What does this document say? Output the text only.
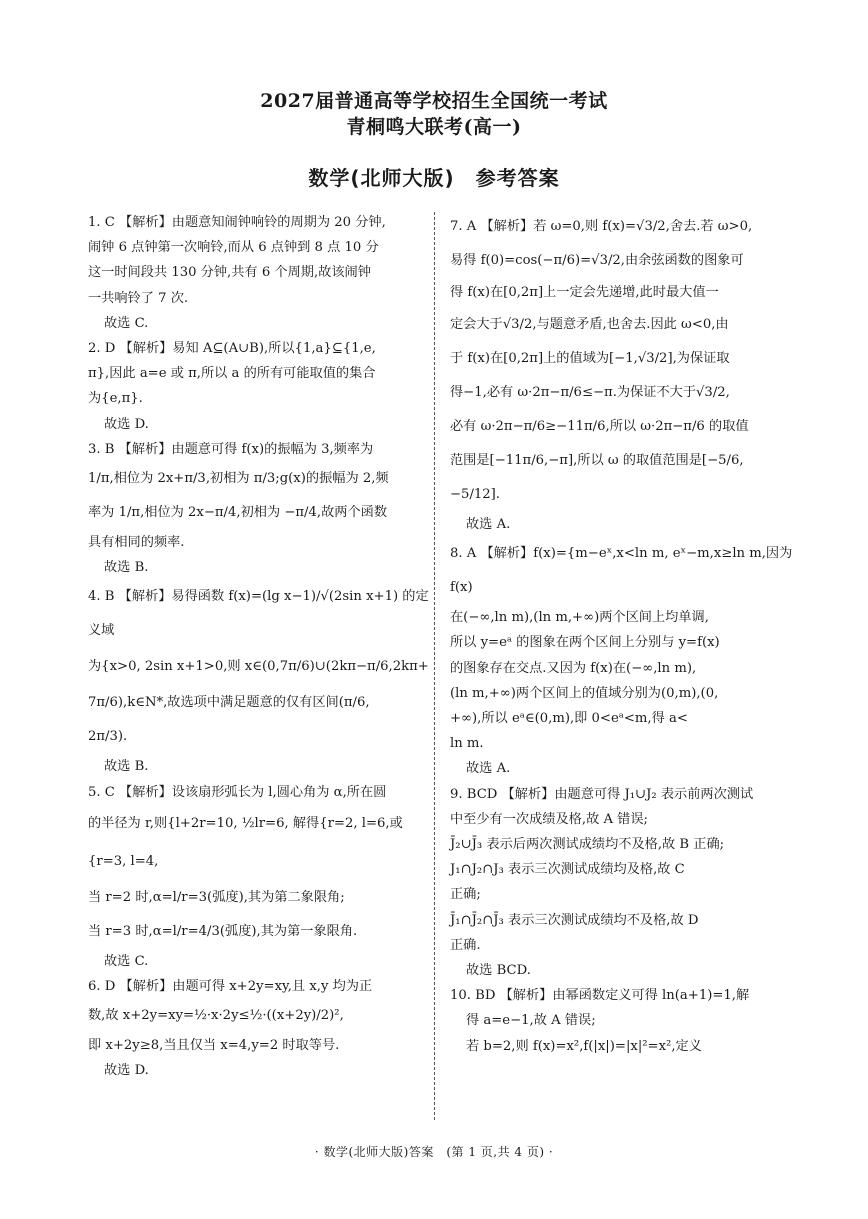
2027届普通高等学校招生全国统一考试
青桐鸣大联考(高一)
数学(北师大版)　参考答案
1. C 【解析】由题意知闹钟响铃的周期为 20 分钟,
闹钟 6 点钟第一次响铃,而从 6 点钟到 8 点 10 分
这一时间段共 130 分钟,共有 6 个周期,故该闹钟
一共响铃了 7 次.
故选 C.
2. D 【解析】易知 A⊆(A∪B),所以{1,a}⊆{1,e,
π},因此 a=e 或 π,所以 a 的所有可能取值的集合
为{e,π}.
故选 D.
3. B 【解析】由题意可得 f(x)的振幅为 3,频率为
1/π,相位为 2x+π/3,初相为 π/3;g(x)的振幅为 2,频
率为 1/π,相位为 2x−π/4,初相为 −π/4,故两个函数
具有相同的频率.
故选 B.
4. B 【解析】易得函数 f(x)=(lg x−1)/√(2sin x+1) 的定义域
为{x>0, 2sin x+1>0,则 x∈(0,7π/6)∪(2kπ−π/6,2kπ+
7π/6),k∈N*,故选项中满足题意的仅有区间(π/6,
2π/3).
故选 B.
5. C 【解析】设该扇形弧长为 l,圆心角为 α,所在圆
的半径为 r,则{l+2r=10, ½lr=6, 解得{r=2, l=6,或{r=3, l=4,
当 r=2 时,α=l/r=3(弧度),其为第二象限角;
当 r=3 时,α=l/r=4/3(弧度),其为第一象限角.
故选 C.
6. D 【解析】由题可得 x+2y=xy,且 x,y 均为正
数,故 x+2y=xy=½·x·2y≤½·((x+2y)/2)²,
即 x+2y≥8,当且仅当 x=4,y=2 时取等号.
故选 D.
7. A 【解析】若 ω=0,则 f(x)=√3/2,舍去.若 ω>0,
易得 f(0)=cos(−π/6)=√3/2,由余弦函数的图象可
得 f(x)在[0,2π]上一定会先递增,此时最大值一
定会大于√3/2,与题意矛盾,也舍去.因此 ω<0,由
于 f(x)在[0,2π]上的值域为[−1,√3/2],为保证取
得−1,必有 ω·2π−π/6≤−π.为保证不大于√3/2,
必有 ω·2π−π/6≥−11π/6,所以 ω·2π−π/6 的取值
范围是[−11π/6,−π],所以 ω 的取值范围是[−5/6,
−5/12].
故选 A.
8. A 【解析】f(x)={m−eˣ,x<ln m, eˣ−m,x≥ln m,因为 f(x)
在(−∞,ln m),(ln m,+∞)两个区间上均单调,
所以 y=eᵃ 的图象在两个区间上分别与 y=f(x)
的图象存在交点.又因为 f(x)在(−∞,ln m),
(ln m,+∞)两个区间上的值域分别为(0,m),(0,
+∞),所以 eᵃ∈(0,m),即 0<eᵃ<m,得 a<
ln m.
故选 A.
9. BCD 【解析】由题意可得 J₁∪J₂ 表示前两次测试
中至少有一次成绩及格,故 A 错误;
J̄₂∪J̄₃ 表示后两次测试成绩均不及格,故 B 正确;
J₁∩J₂∩J₃ 表示三次测试成绩均及格,故 C
正确;
J̄₁∩J̄₂∩J̄₃ 表示三次测试成绩均不及格,故 D
正确.
故选 BCD.
10. BD 【解析】由幂函数定义可得 ln(a+1)=1,解
得 a=e−1,故 A 错误;
若 b=2,则 f(x)=x²,f(|x|)=|x|²=x²,定义
· 数学(北师大版)答案　(第 1 页,共 4 页) ·
